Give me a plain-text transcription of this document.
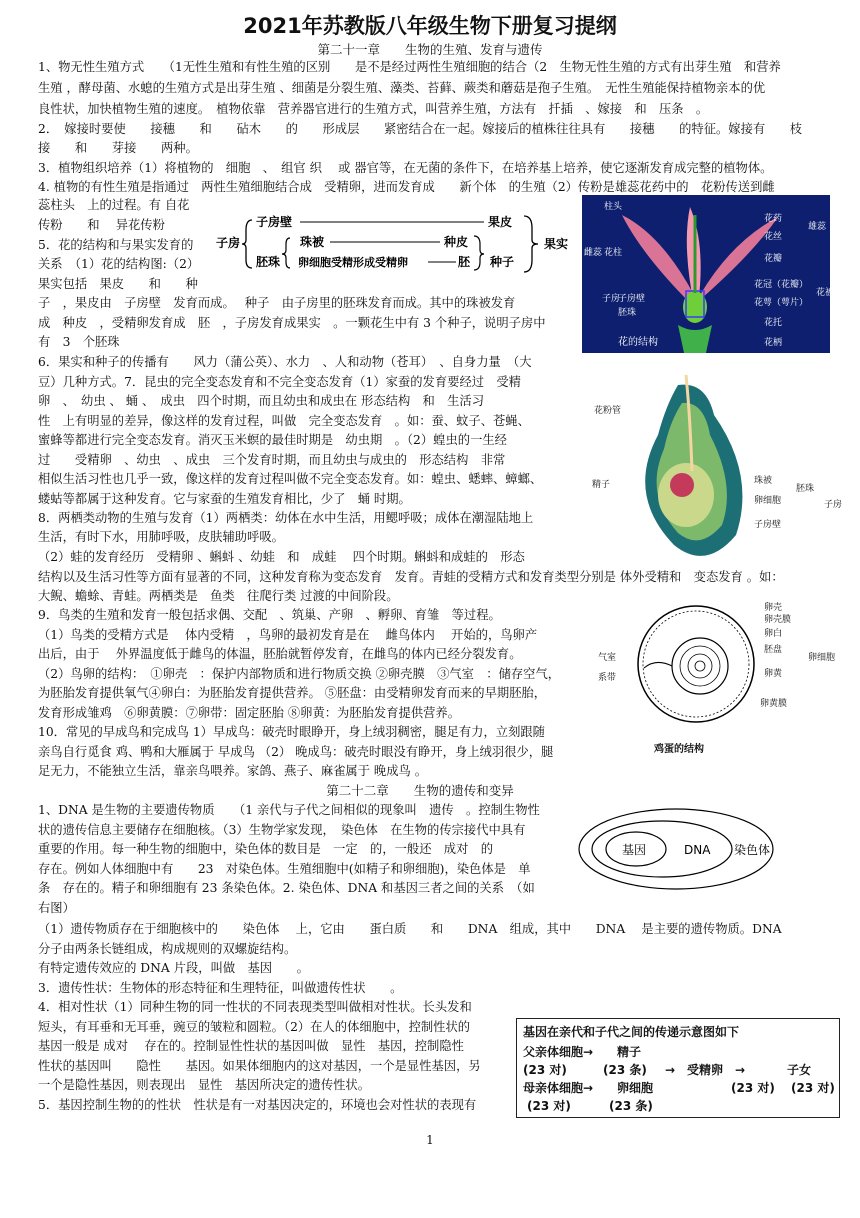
2021年苏教版八年级生物下册复习提纲
第二十一章　　生物的生殖、发育与遗传
1、物无性生殖方式　　（1无性生殖和有性生殖的区别　　是不是经过两性生殖细胞的结合（2　生物无性生殖的方式有出芽生殖　和营养
生殖 ，酵母菌、水螅的生殖方式是出芽生殖 、细菌是分裂生殖、藻类、苔藓、蕨类和蘑菇是孢子生殖。　无性生殖能保持植物亲本的优
良性状，加快植物生殖的速度。　植物依靠　营养器官进行的生殖方式，叫营养生殖，方法有　扦插　、嫁接　和　压条　。
2．　嫁接时要使　　接穗　　和　　砧木　　的　　形成层　　紧密结合在一起。嫁接后的植株往往具有　　接穗　　的特征。嫁接有　　枝
接　　和　　芽接　　两种。
3．植物组织培养（1）将植物的　细胞　、　组官 织　 或 器官等，在无菌的条件下，在培养基上培养，使它逐渐发育成完整的植物体。
4. 植物的有性生殖是指通过　两性生殖细胞结合成　受精卵，进而发育成　　新个体　的生殖（2）传粉是雄蕊花药中的　花粉传送到雌
蕊柱头　上的过程。有 自花
传粉　　和　 异花传粉　　
5．花的结构和与果实发育的
关系　（1）花的结构图:（2）
果实包括　果皮　　和　　种
子　，果皮由　子房壁　发育而成。　 种子　由子房里的胚珠发育而成。其中的珠被发育
成　种皮　，受精卵发育成　胚　，子房发育成果实　。一颗花生中有 3 个种子，说明子房中
有　3　个胚珠
6．果实和种子的传播有　　风力（蒲公英）、水力　、人和动物（苍耳）　、自身力量　（大
豆）几种方式。7．昆虫的完全变态发育和不完全变态发育（1）家蚕的发育要经过　受精
卵　、　幼虫 、 蛹 、　成虫　四个时期，而且幼虫和成虫在 形态结构　和　生活习
性　上有明显的差异，像这样的发育过程，叫做　完全变态发育　。如：蚕、蚊子、苍蝇、
蜜蜂等都进行完全变态发育。消灭玉米螟的最佳时期是　幼虫期　。（2）蝗虫的一生经
过　　受精卵　、幼虫　、成虫　三个发育时期，而且幼虫与成虫的　形态结构　非常
相似生活习性也几乎一致，像这样的发育过程叫做不完全变态发育。如：蝗虫、蟋蟀、蟑螂、
蝼蛄等都属于这种发育。它与家蚕的生殖发育相比，少了　蛹 时期。
8．两栖类动物的生殖与发育（1）两栖类：幼体在水中生活，用鳃呼吸；成体在潮湿陆地上
生活，有时下水，用肺呼吸，皮肤辅助呼吸。
（2）蛙的发育经历　受精卵 、蝌蚪 、幼蛙　和　成蛙　 四个时期。蝌蚪和成蛙的　形态
结构以及生活习性等方面有显著的不同，这种发育称为变态发育　发育。青蛙的受精方式和发育类型分别是 体外受精和　变态发育 。如：
大鲵、蟾蜍、青蛙。两栖类是　鱼类　往爬行类 过渡的中间阶段。
9．鸟类的生殖和发育一般包括求偶、交配　、筑巢、产卵　、孵卵、育雏　等过程。
（1）鸟类的受精方式是　 体内受精　，鸟卵的最初发育是在　 雌鸟体内　 开始的，鸟卵产
出后，由于　 外界温度低于雌鸟的体温，胚胎就暂停发育，在雌鸟的体内已经分裂发育。
（2）鸟卵的结构：　①卵壳　：保护内部物质和进行物质交换 ②卵壳膜　③气室　：储存空气，
为胚胎发育提供氧气④卵白：为胚胎发育提供营养。 ⑤胚盘：由受精卵发育而来的早期胚胎，
发育形成雏鸡　⑥卵黄膜：⑦卵带：固定胚胎 ⑧卵黄：为胚胎发育提供营养。
10．常见的早成鸟和完成鸟 1）早成鸟：破壳时眼睁开，身上绒羽稠密，腿足有力，立刻跟随
亲鸟自行觅食 鸡、鸭和大雁属于 早成鸟 （2） 晚成鸟：破壳时眼没有睁开，身上绒羽很少，腿
足无力，不能独立生活，靠亲鸟喂养。家鸽、燕子、麻雀属于 晚成鸟 。
第二十二章　　生物的遗传和变异
1、DNA 是生物的主要遗传物质　　（1 亲代与子代之间相似的现象叫　遗传　。控制生物性
状的遗传信息主要储存在细胞核。（3）生物学家发现，　染色体　在生物的传宗接代中具有
重要的作用。每一种生物的细胞中，染色体的数目是　一定　的，一般还　成对　的
存在。例如人体细胞中有　　23　对染色体。生殖细胞中(如精子和卵细胞)，染色体是　单
条　存在的。精子和卵细胞有 23 条染色体。2. 染色体、DNA 和基因三者之间的关系　（如
右图）
（1）遗传物质存在于细胞核中的　　染色体　 上，它由　　蛋白质　　和　　DNA　组成，其中　　DNA　 是主要的遗传物质。DNA
分子由两条长链组成，构成规则的双螺旋结构。
有特定遗传效应的 DNA 片段，叫做　基因　　。
3．遗传性状：生物体的形态特征和生理特征，叫做遗传性状　　。
4．相对性状（1）同种生物的同一性状的不同表现类型叫做相对性状。长头发和
短头，有耳垂和无耳垂，豌豆的皱粒和圆粒。（2）在人的体细胞中，控制性状的
基因一般是 成对　 存在的。控制显性性状的基因叫做　显性　基因，控制隐性
性状的基因叫　　隐性　　基因。如果体细胞内的这对基因，一个是显性基因，另
一个是隐性基因，则表现出　显性　基因所决定的遗传性状。
5．基因控制生物的的性状　性状是有一对基因决定的，环境也会对性状的表现有
1
子房
子房壁	果皮
胚珠
珠被	种皮
卵细胞受精形成受精卵	胚 种子
果实
柱头
花药
花丝
雄蕊
雌蕊 花柱
花瓣
花冠（花瓣）
子房
子房壁
胚珠
花萼（萼片）
花托
花柄
花被
花的结构
花粉管
精子	珠被
卵细胞
胚珠
子房壁
子房
卵壳
卵壳膜
卵白
胚盘
气室
系带	卵黄
卵黄膜
卵细胞
鸡蛋的结构
基因	DNA 染色体
基因在亲代和子代之间的传递示意图如下
父亲体细胞→ 精子
(23 对)	(23 条) →　受精卵　→	子女
母亲体细胞→ 卵细胞	(23 对) (23 对)
(23 对)	(23 条)
